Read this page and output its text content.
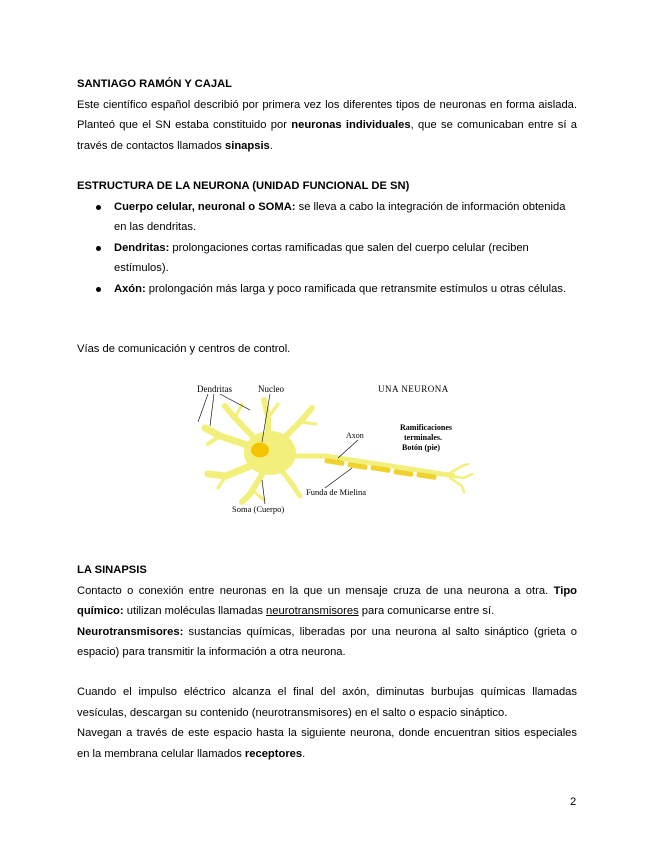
SANTIAGO RAMÓN Y CAJAL

Este científico español describió por primera vez los diferentes tipos de neuronas en forma aislada. Planteó que el SN estaba constituido por neuronas individuales, que se comunicaban entre sí a través de contactos llamados sinapsis.

ESTRUCTURA DE LA NEURONA (UNIDAD FUNCIONAL DE SN)
Cuerpo celular, neuronal o SOMA: se lleva a cabo la integración de información obtenida en las dendritas.
Dendritas: prolongaciones cortas ramificadas que salen del cuerpo celular (reciben estímulos).
Axón: prolongación más larga y poco ramificada que retransmite estímulos u otras células.

Vías de comunicación y centros de control.

Dendritas	Nucleo	UNA NEURONA
Axon
Ramificaciones
terminales.
Botón (pie)
Funda de Mielina
Soma (Cuerpo)
LA SINAPSIS

Contacto o conexión entre neuronas en la que un mensaje cruza de una neurona a otra. Tipo químico: utilizan moléculas llamadas neurotransmisores para comunicarse entre sí.

Neurotransmisores: sustancias químicas, liberadas por una neurona al salto sináptico (grieta o espacio) para transmitir la información a otra neurona.

Cuando el impulso eléctrico alcanza el final del axón, diminutas burbujas químicas llamadas vesículas, descargan su contenido (neurotransmisores) en el salto o espacio sináptico.

Navegan a través de este espacio hasta la siguiente neurona, donde encuentran sitios especiales en la membrana celular llamados receptores.

2
